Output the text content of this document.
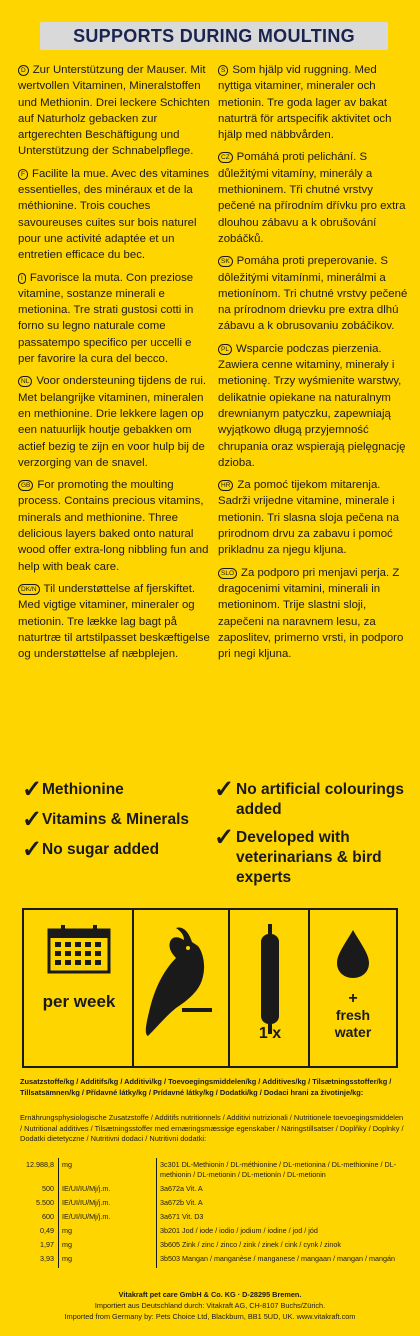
SUPPORTS DURING MOULTING

D Zur Unterstützung der Mauser. Mit wertvollen Vitaminen, Mineralstoffen und Methionin. Drei leckere Schichten auf Naturholz gebacken zur artgerechten Beschäftigung und Unterstützung der Schnabelpflege.

F Facilite la mue. Avec des vitamines essentielles, des minéraux et de la méthionine. Trois couches savoureuses cuites sur bois naturel pour une activité adaptée et un entretien efficace du bec.

I Favorisce la muta. Con preziose vitamine, sostanze minerali e metionina. Tre strati gustosi cotti in forno su legno naturale come passatempo specifico per uccelli e per favorire la cura del becco.

NL Voor ondersteuning tijdens de rui. Met belangrijke vitaminen, mineralen en methionine. Drie lekkere lagen op een natuurlijk houtje gebakken om actief bezig te zijn en voor hulp bij de verzorging van de snavel.

GB For promoting the moulting process. Contains precious vitamins, minerals and methionine. Three delicious layers baked onto natural wood offer extra-long nibbling fun and help with beak care.

DK/N Til understøttelse af fjerskiftet. Med vigtige vitaminer, mineraler og metionin. Tre lække lag bagt på naturtræ til artstilpasset beskæftigelse og understøttelse af næbplejen.

S Som hjälp vid ruggning. Med nyttiga vitaminer, mineraler och metionin. Tre goda lager av bakat naturträ för artspecifik aktivitet och hjälp med näbbvården.

CZ Pomáhá proti pelichání. S důležitými vitamíny, minerály a methioninem. Tři chutné vrstvy pečené na přírodním dřívku pro extra dlouhou zábavu a k obrušování zobáčků.

SK Pomáha proti preperovanie. S dôležitými vitamínmi, minerálmi a metionínom. Tri chutné vrstvy pečené na prírodnom drievku pre extra dlhú zábavu a k obrusovaniu zobáčikov.

PL Wsparcie podczas pierzenia. Zawiera cenne witaminy, minerały i metioninę. Trzy wyśmienite warstwy, delikatnie opiekane na naturalnym drewnianym patyczku, zapewniają wyjątkowo długą przyjemność chrupania oraz wspierają pielęgnację dzioba.

HR Za pomoć tijekom mitarenja. Sadrži vrijedne vitamine, minerale i metionin. Tri slasna sloja pečena na prirodnom drvu za zabavu i pomoć prikladnu za njegu kljuna.

SLO Za podporo pri menjavi perja. Z dragocenimi vitamini, minerali in metioninom. Trije slastni sloji, zapečeni na naravnem lesu, za zaposlitev, primerno vrsti, in podporo pri negi kljuna.

✓ Methionine
✓ Vitamins & Minerals
✓ No sugar added
✓ No artificial colourings added
✓ Developed with veterinarians & bird experts
per week
1 x
+
fresh
water
Zusatzstoffe/kg / Additifs/kg / Additivi/kg / Toevoegingsmiddelen/kg / Additives/kg / Tilsætningsstoffer/kg / Tillsatsämnen/kg / Přídavné látky/kg / Prídavné látky/kg / Dodatki/kg / Dodaci hrani za životinje/kg:
Ernährungsphysiologische Zusatzstoffe / Additifs nutritionnels / Additivi nutrizionali / Nutritionele toevoegingsmiddelen / Nutritional additives / Tilsætningsstoffer med ernæringsmæssige egenskaber / Näringstillsatser / Doplňky / Doplnky / Dodatki dietetyczne / Nutritivni dodaci / Nutritivni dodatki:
12.988,8 mg	3c301 DL-Methionin / DL-méthionine / DL-metionina / DL-methionine / DL-methionin / DL-metionin / DL-metionín / DL-metionin
500 IE/UI/IU/Mj/j.m.	3a672a Vit. A
5.500 IE/UI/IU/Mj/j.m.	3a672b Vit. A
600 IE/UI/IU/Mj/j.m.	3a671 Vit. D3
0,49 mg	3b201 Jod / iode / iodio / jodium / iodine / jod / jód
1,97 mg	3b605 Zink / zinc / zinco / zink / zinek / cink / cynk / zinok
3,93 mg	3b503 Mangan / manganèse / manganese / mangaan / mangan / mangán
Vitakraft pet care GmbH & Co. KG · D-28295 Bremen.
Importiert aus Deutschland durch: Vitakraft AG, CH-8107 Buchs/Zürich.
Imported from Germany by: Pets Choice Ltd, Blackburn, BB1 5UD, UK. www.vitakraft.com
